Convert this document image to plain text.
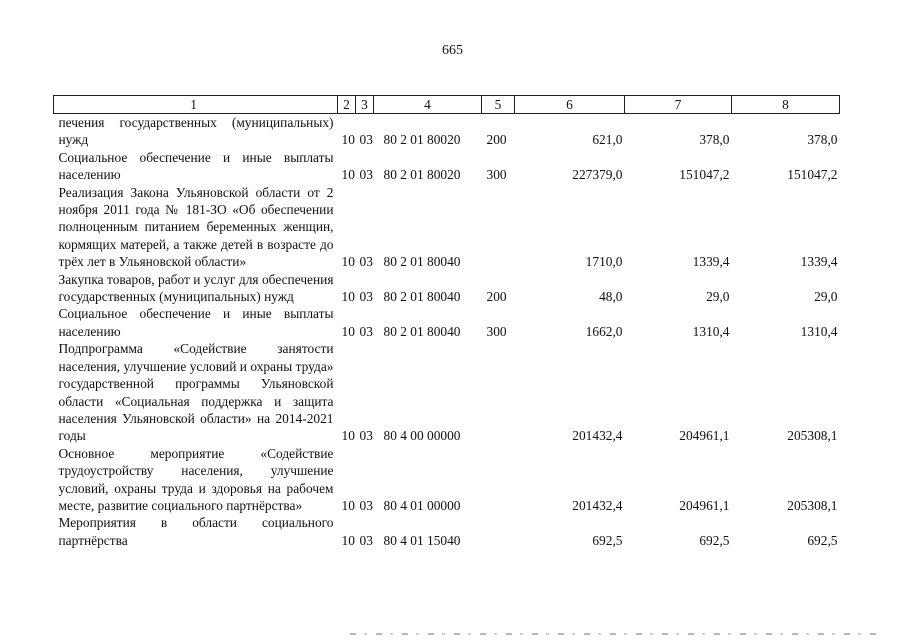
665
1	2	3	4	5	6	7	8
печения государственных (муниципальных) нужд	10	03	80 2 01 80020	200	621,0	378,0	378,0
Социальное обеспечение и иные выплаты населению	10	03	80 2 01 80020	300	227379,0	151047,2	151047,2
Реализация Закона Ульяновской области от 2 ноября 2011 года № 181-ЗО «Об обеспечении полноценным питанием беременных женщин, кормящих матерей, а также детей в возрасте до трёх лет в Ульяновской области»	10	03	80 2 01 80040		1710,0	1339,4	1339,4
Закупка товаров, работ и услуг для обеспечения государственных (муниципальных) нужд	10	03	80 2 01 80040	200	48,0	29,0	29,0
Социальное обеспечение и иные выплаты населению	10	03	80 2 01 80040	300	1662,0	1310,4	1310,4
Подпрограмма «Содействие занятости населения, улучшение условий и охраны труда» государственной программы Ульяновской области «Социальная поддержка и защита населения Ульяновской области» на 2014-2021 годы	10	03	80 4 00 00000		201432,4	204961,1	205308,1
Основное мероприятие «Содействие трудоустройству населения, улучшение условий, охраны труда и здоровья на рабочем месте, развитие социального партнёрства»	10	03	80 4 01 00000		201432,4	204961,1	205308,1
Мероприятия в области социального партнёрства	10	03	80 4 01 15040		692,5	692,5	692,5
